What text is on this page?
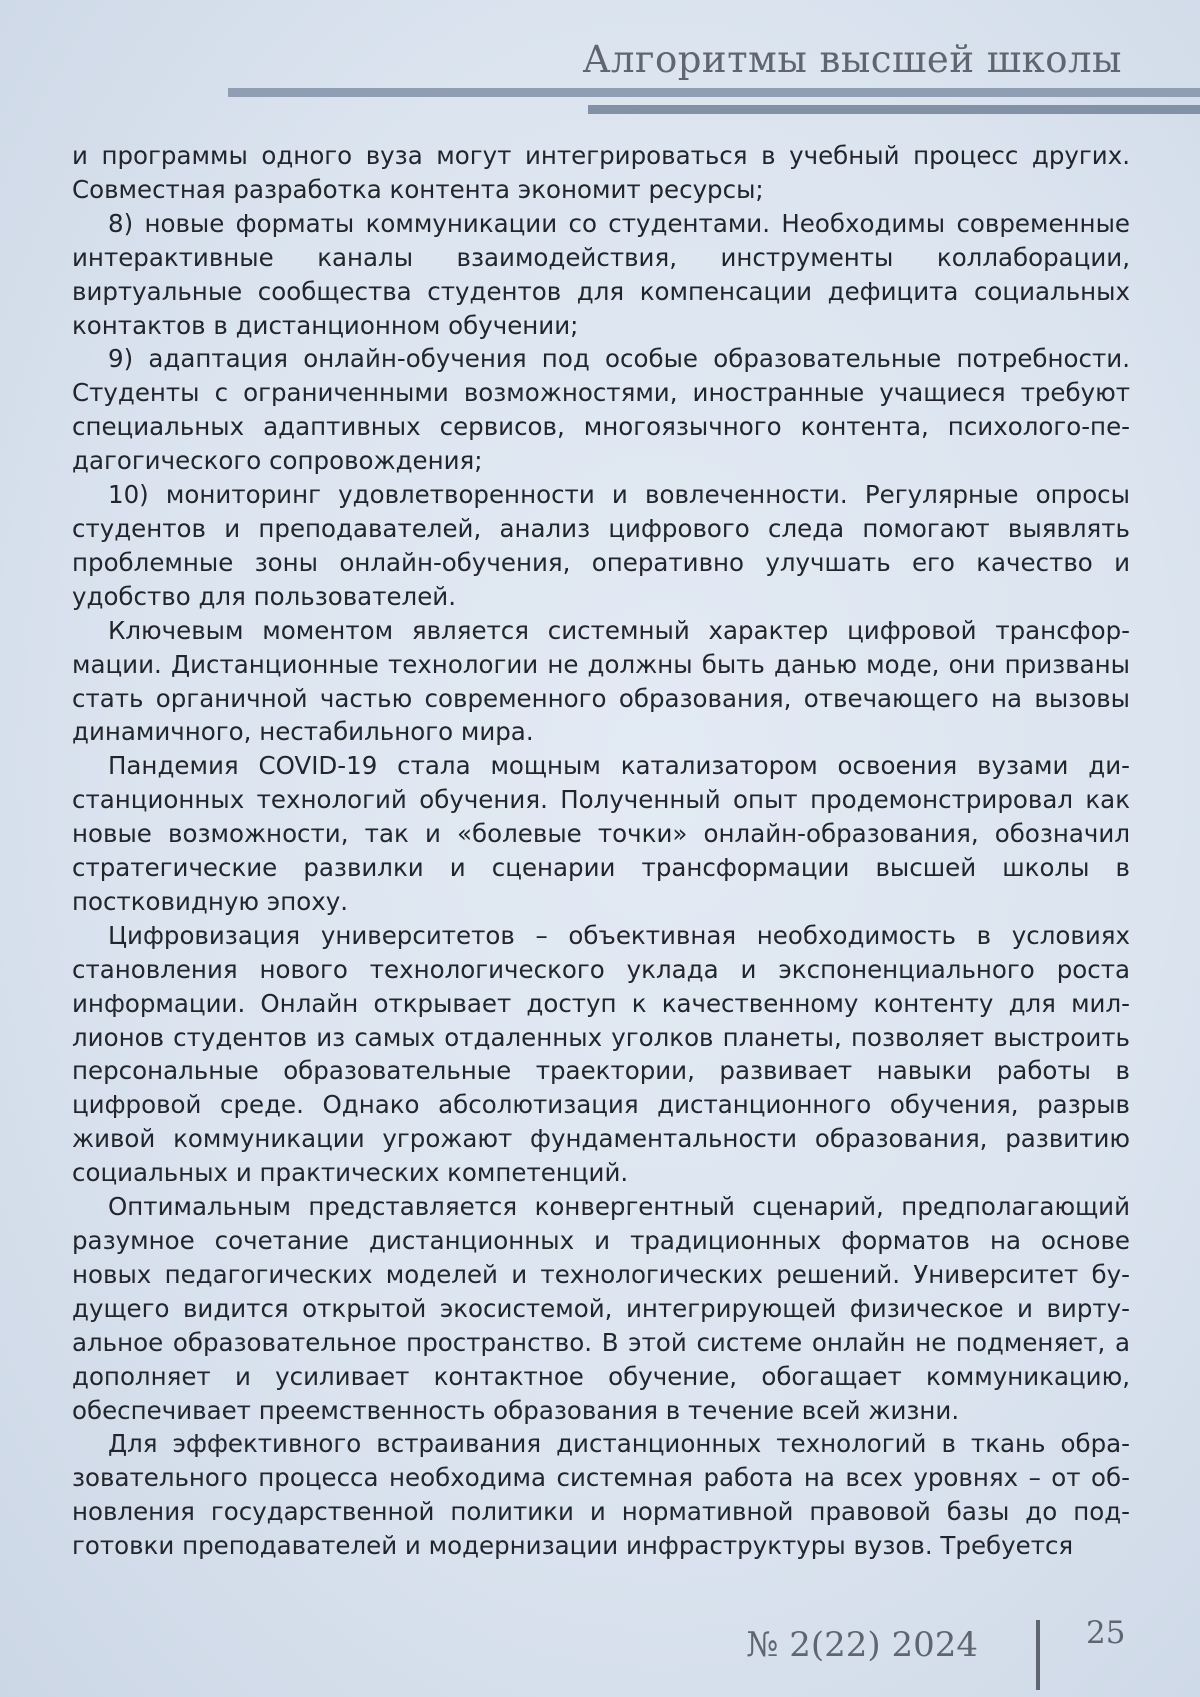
Алгоритмы высшей школы

и программы одного вуза могут интегрироваться в учебный процесс других. Совместная разработка контента экономит ресурсы;

8) новые форматы коммуникации со студентами. Необходимы современ­ные интерактивные каналы взаимодействия, инструменты коллаборации, виртуальные сообщества студентов для компенсации дефицита социальных контактов в дистанционном обучении;

9) адаптация онлайн-обучения под особые образовательные потребности. Студенты с ограниченными возможностями, иностранные учащиеся требуют специальных адаптивных сервисов, многоязычного контента, психолого-пе­дагогического сопровождения;

10) мониторинг удовлетворенности и вовлеченности. Регулярные опросы студентов и преподавателей, анализ цифрового следа помогают выявлять проблемные зоны онлайн-обучения, оперативно улучшать его качество и удобство для пользователей.

Ключевым моментом является системный характер цифровой трансфор­мации. Дистанционные технологии не должны быть данью моде, они призва­ны стать органичной частью современного образования, отвечающего на вы­зовы динамичного, нестабильного мира.

Пандемия COVID-19 стала мощным катализатором освоения вузами ди­станционных технологий обучения. Полученный опыт продемонстрировал как новые возможности, так и «болевые точки» онлайн-образования, обозна­чил стратегические развилки и сценарии трансформации высшей школы в постковидную эпоху.

Цифровизация университетов – объективная необходимость в условиях становления нового технологического уклада и экспоненциального роста информации. Онлайн открывает доступ к качественному контенту для мил­лионов студентов из самых отдаленных уголков планеты, позволяет выстро­ить персональные образовательные траектории, развивает навыки работы в цифровой среде. Однако абсолютизация дистанционного обучения, разрыв живой коммуникации угрожают фундаментальности образования, развитию социальных и практических компетенций.

Оптимальным представляется конвергентный сценарий, предполагающий разумное сочетание дистанционных и традиционных форматов на основе новых педагогических моделей и технологических решений. Университет бу­дущего видится открытой экосистемой, интегрирующей физическое и вирту­альное образовательное пространство. В этой системе онлайн не подменяет, а дополняет и усиливает контактное обучение, обогащает коммуникацию, обеспечивает преемственность образования в течение всей жизни.

Для эффективного встраивания дистанционных технологий в ткань обра­зовательного процесса необходима системная работа на всех уровнях – от об­новления государственной политики и нормативной правовой базы до под­готовки преподавателей и модернизации инфраструктуры вузов. Требуется

№ 2(22) 2024	25
